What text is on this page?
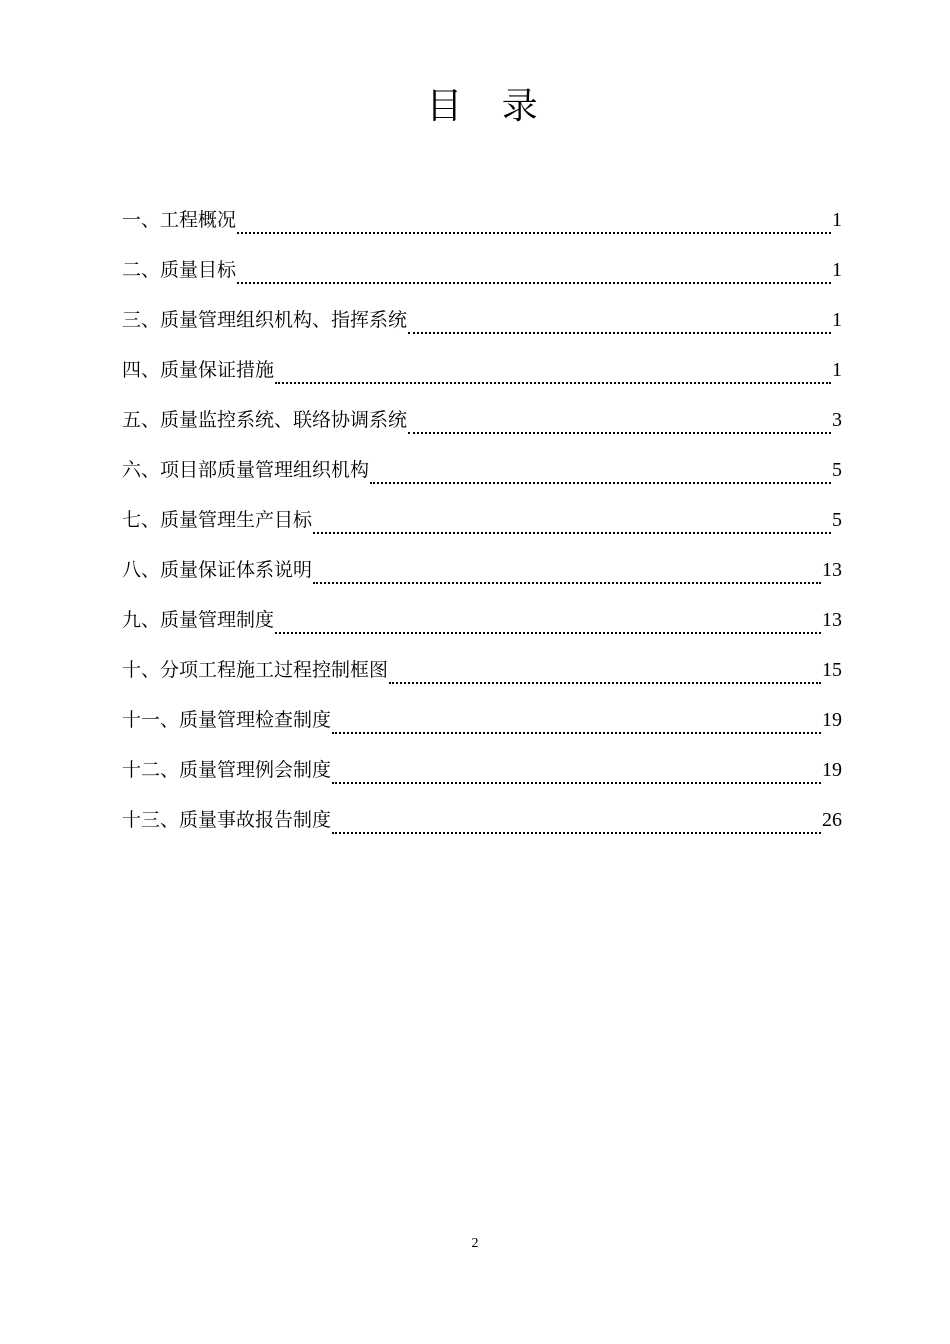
目 录
一、工程概况	1
二、质量目标	1
三、质量管理组织机构、指挥系统	1
四、质量保证措施	1
五、质量监控系统、联络协调系统	3
六、项目部质量管理组织机构	5
七、质量管理生产目标	5
八、质量保证体系说明	13
九、质量管理制度	13
十、分项工程施工过程控制框图	15
十一、质量管理检查制度	19
十二、质量管理例会制度	19
十三、质量事故报告制度	26
2
